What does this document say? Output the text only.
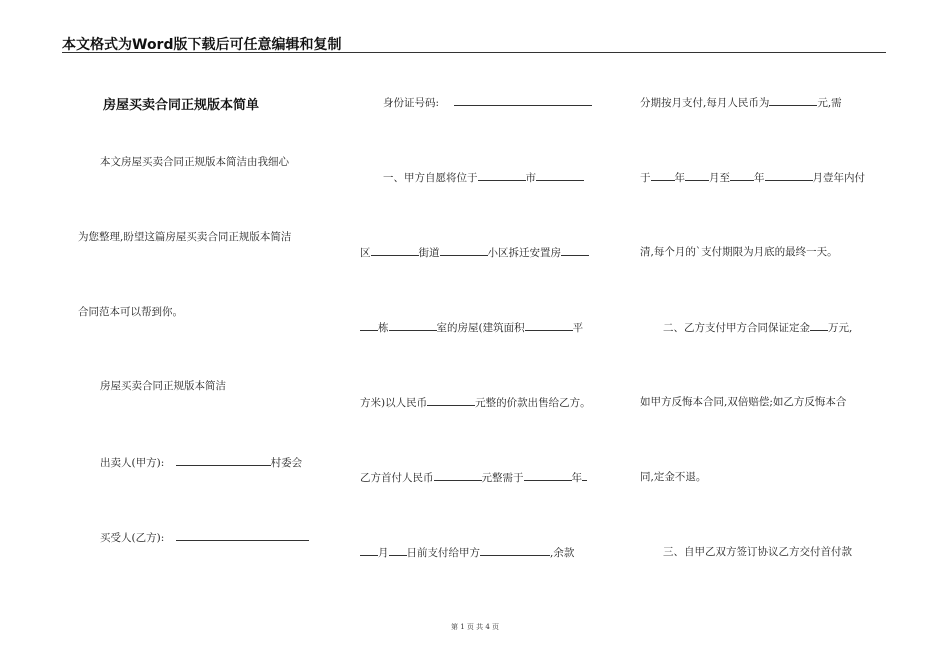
本文格式为Word版下载后可任意编辑和复制
房屋买卖合同正规版本简单
本文房屋买卖合同正规版本简洁由我细心
为您整理,盼望这篇房屋买卖合同正规版本简洁
合同范本可以帮到你。
房屋买卖合同正规版本简洁
出卖人(甲方):	村委会
买受人(乙方):
身份证号码:
一、甲方自愿将位于	市
区	街道	小区拆迁安置房
栋	室的房屋(建筑面积	平
方米)以人民币	元整的价款出售给乙方。
乙方首付人民币	元整需于	年
月 日前支付给甲方	,余款
分期按月支付,每月人民币为	元,需
于 年 月至 年	月壹年内付
清,每个月的`支付期限为月底的最终一天。
二、乙方支付甲方合同保证定金 万元,
如甲方反悔本合同,双倍赔偿;如乙方反悔本合
同,定金不退。
三、自甲乙双方签订协议乙方交付首付款
第 1 页 共 4 页
